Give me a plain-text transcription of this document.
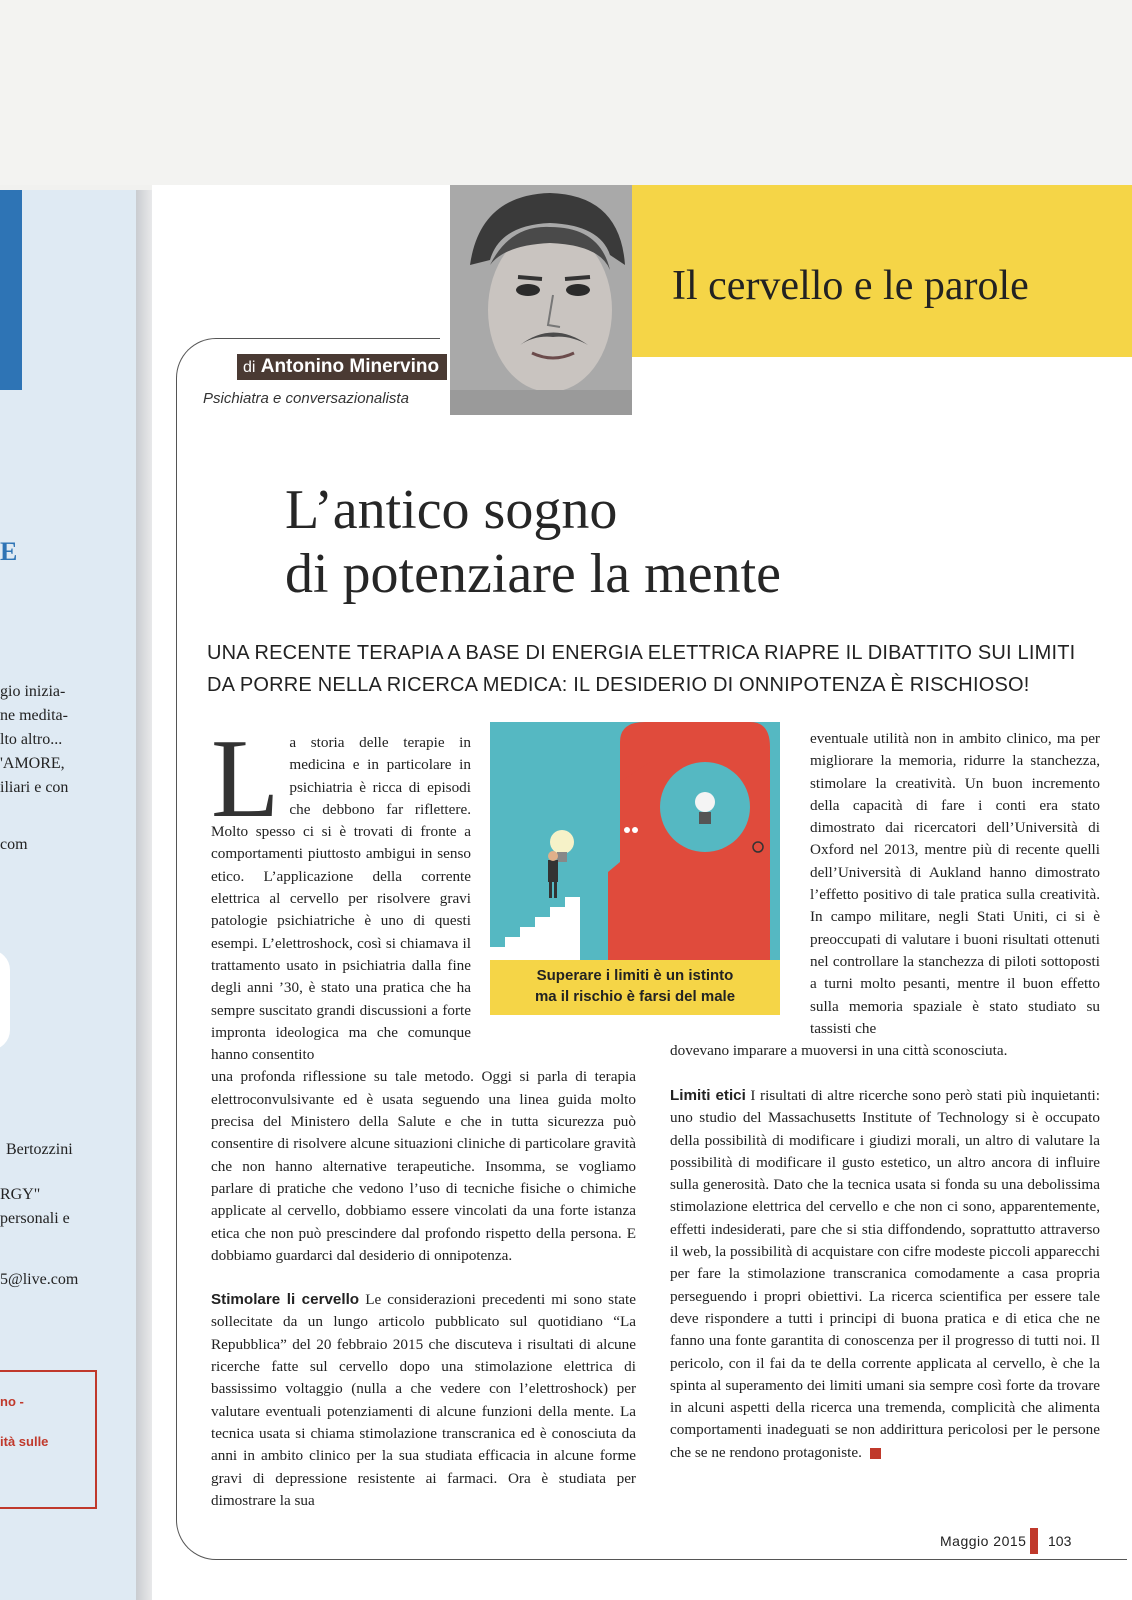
E
gio inizia-
ne medita-
lto altro...
'AMORE,
iliari e con
com
Bertozzini
RGY"
personali e
5@live.com
no -
ità sulle
Il cervello e le parole
di Antonino Minervino
Psichiatra e conversazionalista
L’antico sogno
di potenziare la mente
UNA RECENTE TERAPIA A BASE DI ENERGIA ELETTRICA RIAPRE IL DIBATTITO SUI LIMITI DA PORRE NELLA RICERCA MEDICA: IL DESIDERIO DI ONNIPOTENZA È RISCHIOSO!
L a storia delle terapie in medicina e in particolare in psichiatria è ricca di episodi che debbono far riflettere. Molto spesso ci si è trovati di fronte a comportamenti piuttosto ambigui in senso etico. L’applicazione della corrente elettrica al cervello per risolvere gravi patologie psichiatriche è uno di questi esempi. L’elettroshock, così si chiamava il trattamento usato in psichiatria dalla fine degli anni ’30, è stato una pratica che ha sempre suscitato grandi discussioni a forte impronta ideologica ma che comunque hanno consentito
una profonda riflessione su tale metodo. Oggi si parla di terapia elettroconvulsivante ed è usata seguendo una linea guida molto precisa del Ministero della Salute e che in tutta sicurezza può consentire di risolvere alcune situazioni cliniche di particolare gravità che non hanno alternative terapeutiche. Insomma, se vogliamo parlare di pratiche che vedono l’uso di tecniche fisiche o chimiche applicate al cervello, dobbiamo essere vincolati da una forte istanza etica che non può prescindere dal profondo rispetto della persona. E dobbiamo guardarci dal desiderio di onnipotenza.
Stimolare li cervello Le considerazioni precedenti mi sono state sollecitate da un lungo articolo pubblicato sul quotidiano “La Repubblica” del 20 febbraio 2015 che discuteva i risultati di alcune ricerche fatte sul cervello dopo una stimolazione elettrica di bassissimo voltaggio (nulla a che vedere con l’elettroshock) per valutare eventuali potenziamenti di alcune funzioni della mente. La tecnica usata si chiama stimolazione transcranica ed è conosciuta da anni in ambito clinico per la sua studiata efficacia in alcune forme gravi di depressione resistente ai farmaci. Ora è studiata per dimostrare la sua
Superare i limiti è un istinto
ma il rischio è farsi del male
eventuale utilità non in ambito clinico, ma per migliorare la memoria, ridurre la stanchezza, stimolare la creatività. Un buon incremento della capacità di fare i conti era stato dimostrato dai ricercatori dell’Università di Oxford nel 2013, mentre più di recente quelli dell’Università di Aukland hanno dimostrato l’effetto positivo di tale pratica sulla creatività. In campo militare, negli Stati Uniti, ci si è preoccupati di valutare i buoni risultati ottenuti nel controllare la stanchezza di piloti sottoposti a turni molto pesanti, mentre il buon effetto sulla memoria spaziale è stato studiato su tassisti che
dovevano imparare a muoversi in una città sconosciuta.
Limiti etici I risultati di altre ricerche sono però stati più inquietanti: uno studio del Massachusetts Institute of Technology si è occupato della possibilità di modificare i giudizi morali, un altro di valutare la possibilità di modificare il gusto estetico, un altro ancora di influire sulla generosità. Dato che la tecnica usata si fonda su una debolissima stimolazione elettrica del cervello e che non ci sono, apparentemente, effetti indesiderati, pare che si stia diffondendo, soprattutto attraverso il web, la possibilità di acquistare con cifre modeste piccoli apparecchi per fare la stimolazione transcranica comodamente a casa propria perseguendo i propri obiettivi. La ricerca scientifica per essere tale deve rispondere a tutti i principi di buona pratica e di etica che ne fanno una fonte garantita di conoscenza per il progresso di tutti noi. Il pericolo, con il fai da te della corrente applicata al cervello, è che la spinta al superamento dei limiti umani sia sempre così forte da trovare in alcuni aspetti della ricerca una tremenda, complicità che alimenta comportamenti inadeguati se non addirittura pericolosi per le persone che se ne rendono protagoniste.
Maggio 2015 103
